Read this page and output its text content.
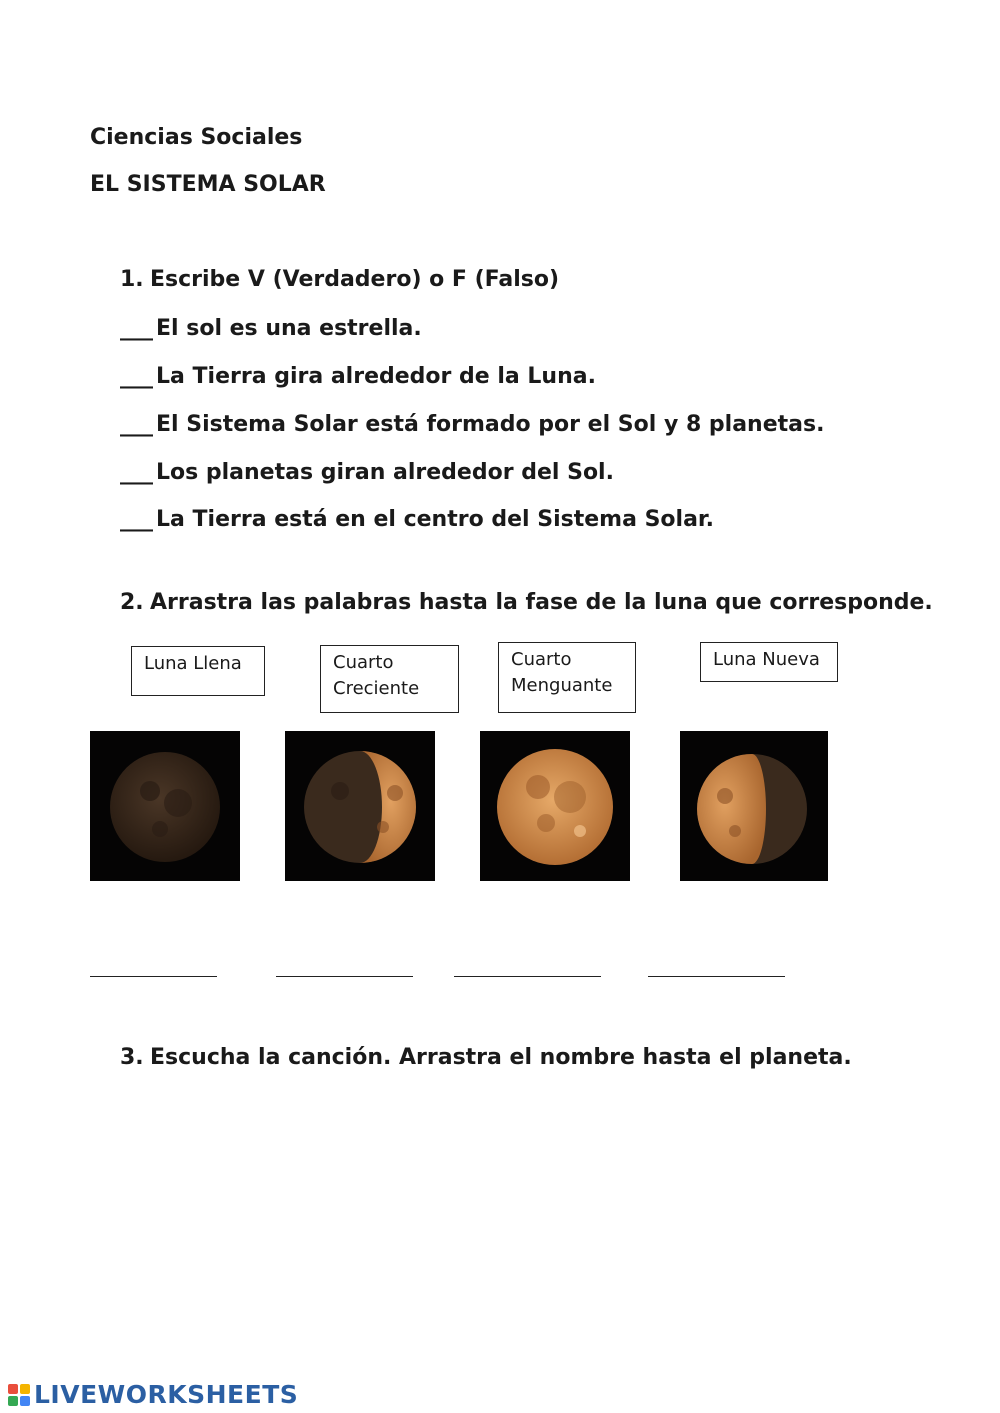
Ciencias Sociales
EL SISTEMA SOLAR
1. Escribe V (Verdadero) o F (Falso)
___ El sol es una estrella.
___ La Tierra gira alrededor de la Luna.
___ El Sistema Solar está formado por el Sol y 8 planetas.
___ Los planetas giran alrededor del Sol.
___ La Tierra está en el centro del Sistema Solar.
2. Arrastra las palabras hasta la fase de la luna que corresponde.
Luna Llena	Cuarto
Creciente
Cuarto
Menguante
Luna Nueva
3. Escucha la canción. Arrastra el nombre hasta el planeta.
LIVEWORKSHEETS
